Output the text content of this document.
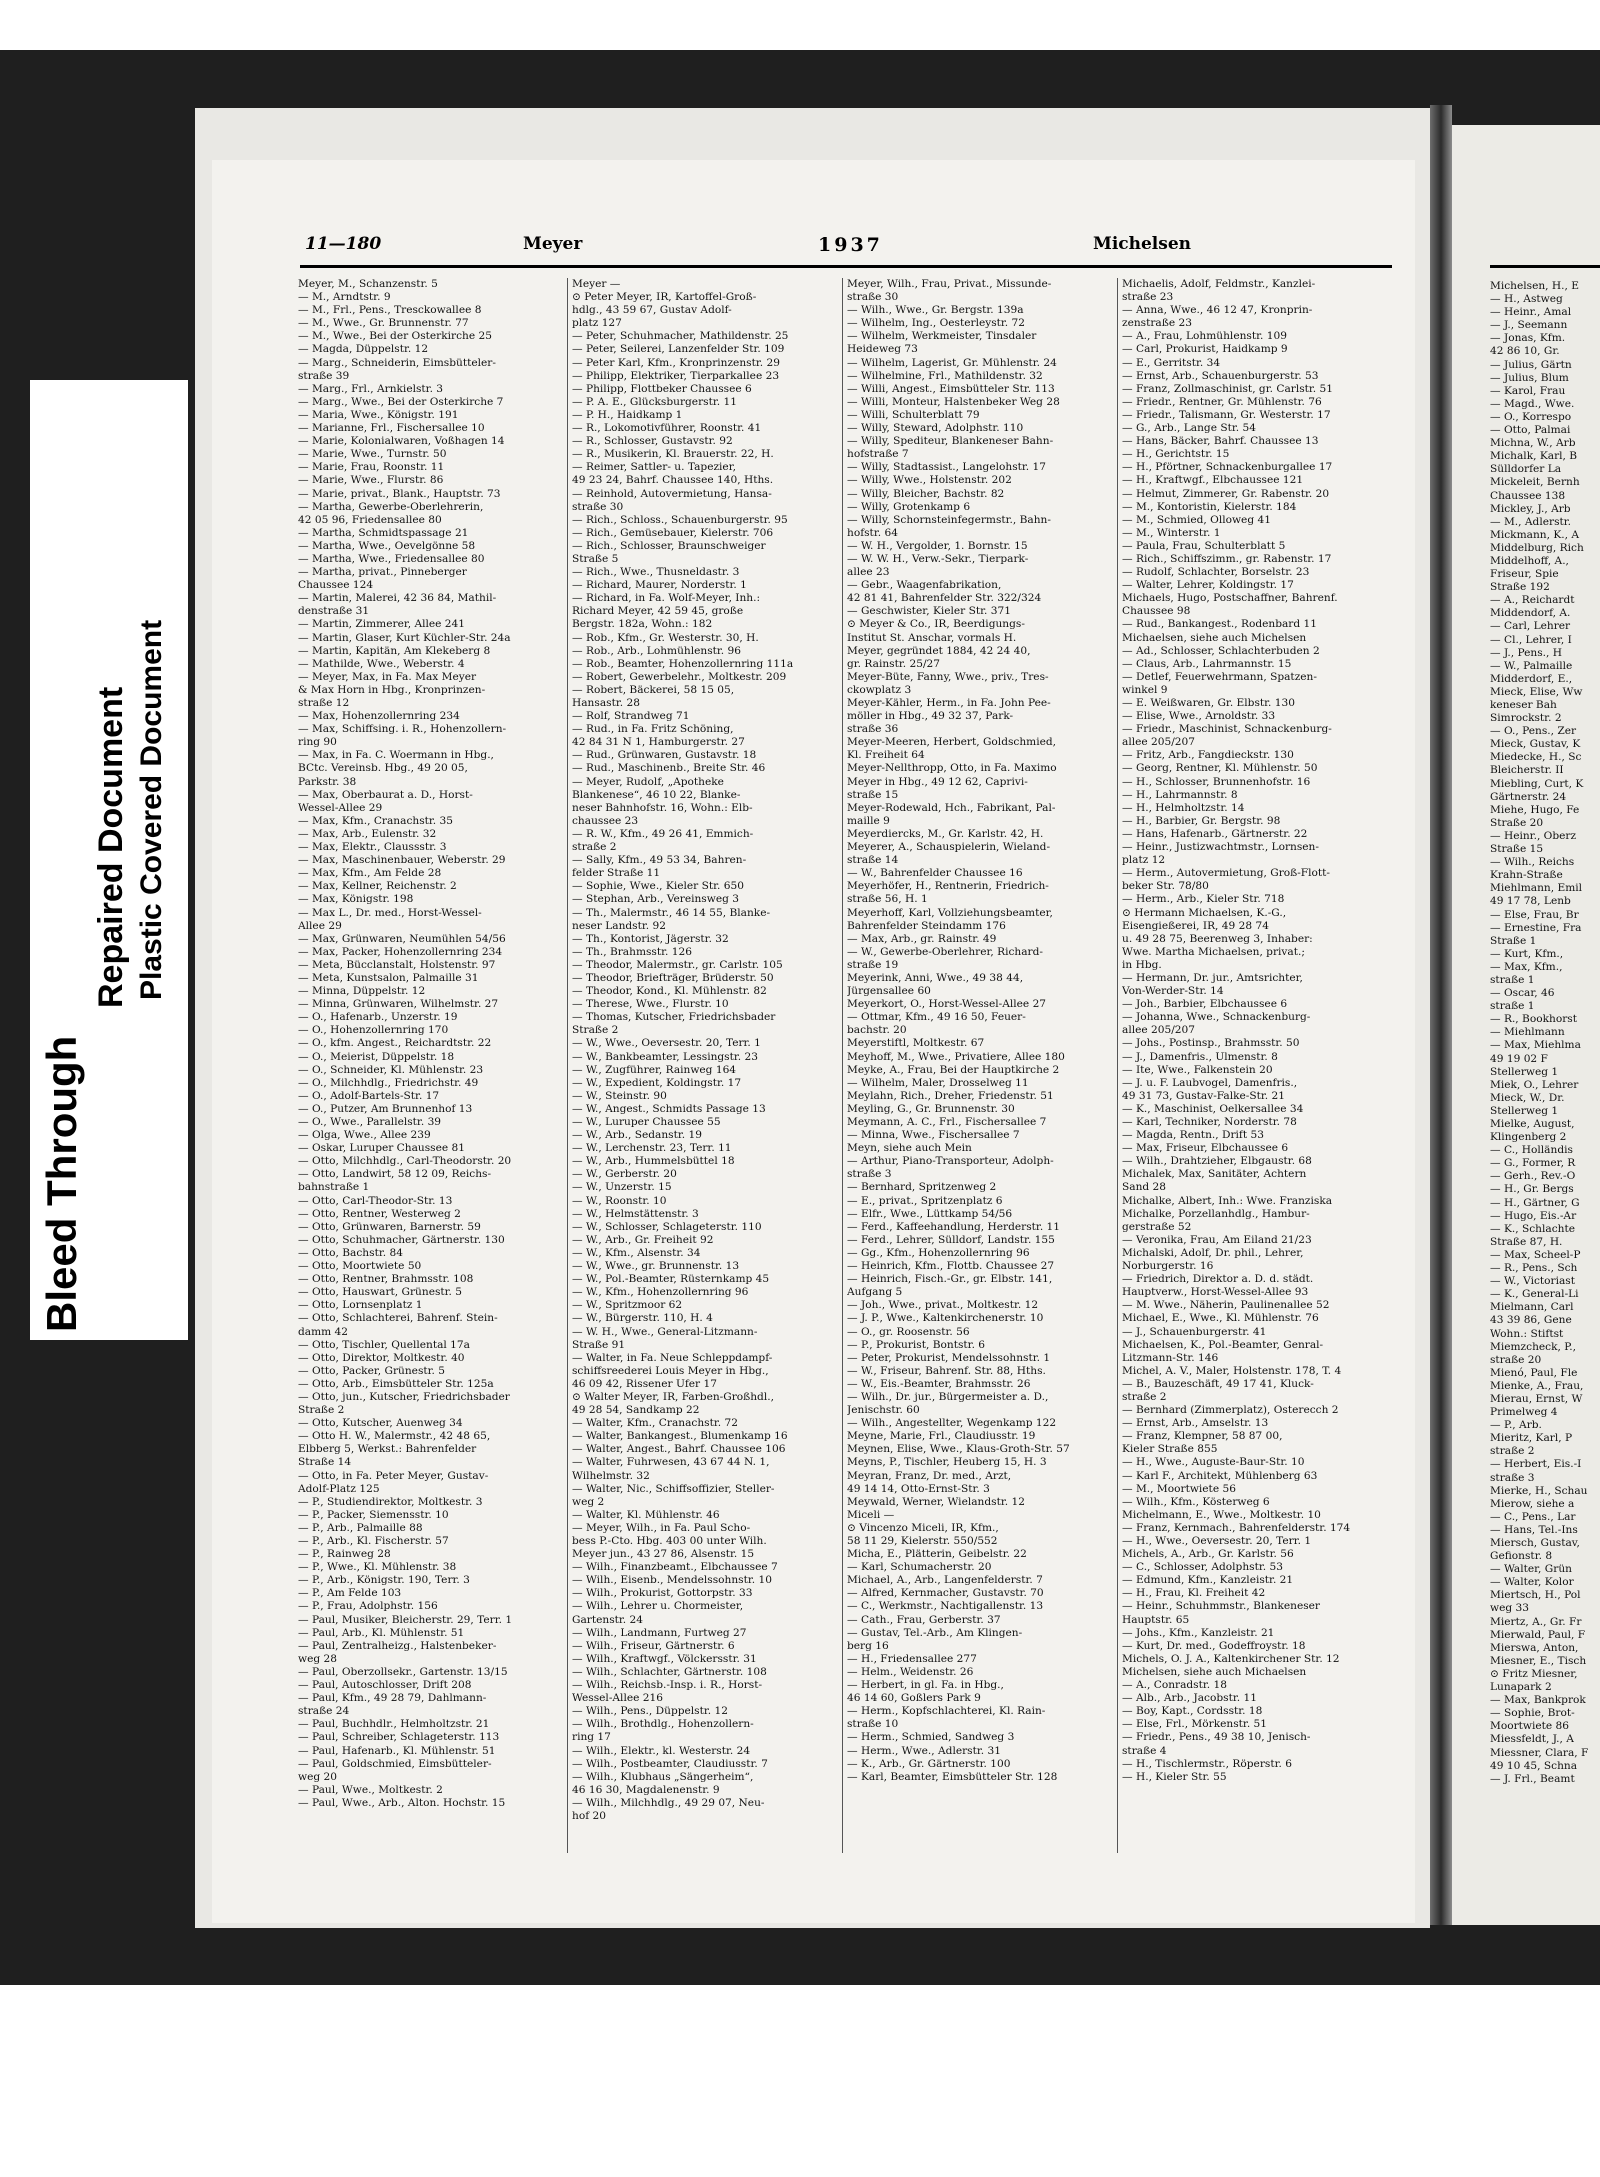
Bleed Through
Repaired Document Plastic Covered Document
11—180	Meyer	1937	Michelsen
Meyer, M., Schanzenstr. 5
— M., Arndtstr. 9
— M., Frl., Pens., Tresckowallee 8
— M., Wwe., Gr. Brunnenstr. 77
— M., Wwe., Bei der Osterkirche 25
— Magda, Düppelstr. 12
— Marg., Schneiderin, Eimsbütteler-
straße 39
— Marg., Frl., Arnkielstr. 3
— Marg., Wwe., Bei der Osterkirche 7
— Maria, Wwe., Königstr. 191
— Marianne, Frl., Fischersallee 10
— Marie, Kolonialwaren, Voßhagen 14
— Marie, Wwe., Turnstr. 50
— Marie, Frau, Roonstr. 11
— Marie, Wwe., Flurstr. 86
— Marie, privat., Blank., Hauptstr. 73
— Martha, Gewerbe-Oberlehrerin,
42 05 96, Friedensallee 80
— Martha, Schmidtspassage 21
— Martha, Wwe., Oevelgönne 58
— Martha, Wwe., Friedensallee 80
— Martha, privat., Pinneberger
Chaussee 124
— Martin, Malerei, 42 36 84, Mathil-
denstraße 31
— Martin, Zimmerer, Allee 241
— Martin, Glaser, Kurt Küchler-Str. 24a
— Martin, Kapitän, Am Klekeberg 8
— Mathilde, Wwe., Weberstr. 4
— Meyer, Max, in Fa. Max Meyer
& Max Horn in Hbg., Kronprinzen-
straße 12
— Max, Hohenzollernring 234
— Max, Schiffsing. i. R., Hohenzollern-
ring 90
— Max, in Fa. C. Woermann in Hbg.,
BCtc. Vereinsb. Hbg., 49 20 05,
Parkstr. 38
— Max, Oberbaurat a. D., Horst-
Wessel-Allee 29
— Max, Kfm., Cranachstr. 35
— Max, Arb., Eulenstr. 32
— Max, Elektr., Claussstr. 3
— Max, Maschinenbauer, Weberstr. 29
— Max, Kfm., Am Felde 28
— Max, Kellner, Reichenstr. 2
— Max, Königstr. 198
— Max L., Dr. med., Horst-Wessel-
Allee 29
— Max, Grünwaren, Neumühlen 54/56
— Max, Packer, Hohenzollernring 234
— Meta, Bücclanstalt, Holstenstr. 97
— Meta, Kunstsalon, Palmaille 31
— Minna, Düppelstr. 12
— Minna, Grünwaren, Wilhelmstr. 27
— O., Hafenarb., Unzerstr. 19
— O., Hohenzollernring 170
— O., kfm. Angest., Reichardtstr. 22
— O., Meierist, Düppelstr. 18
— O., Schneider, Kl. Mühlenstr. 23
— O., Milchhdlg., Friedrichstr. 49
— O., Adolf-Bartels-Str. 17
— O., Putzer, Am Brunnenhof 13
— O., Wwe., Parallelstr. 39
— Olga, Wwe., Allee 239
— Oskar, Luruper Chaussee 81
— Otto, Milchhdlg., Carl-Theodorstr. 20
— Otto, Landwirt, 58 12 09, Reichs-
bahnstraße 1
— Otto, Carl-Theodor-Str. 13
— Otto, Rentner, Westerweg 2
— Otto, Grünwaren, Barnerstr. 59
— Otto, Schuhmacher, Gärtnerstr. 130
— Otto, Bachstr. 84
— Otto, Moortwiete 50
— Otto, Rentner, Brahmsstr. 108
— Otto, Hauswart, Grünestr. 5
— Otto, Lornsenplatz 1
— Otto, Schlachterei, Bahrenf. Stein-
damm 42
— Otto, Tischler, Quellental 17a
— Otto, Direktor, Moltkestr. 40
— Otto, Packer, Grünestr. 5
— Otto, Arb., Eimsbütteler Str. 125a
— Otto, jun., Kutscher, Friedrichsbader
Straße 2
— Otto, Kutscher, Auenweg 34
— Otto H. W., Malermstr., 42 48 65,
Elbberg 5, Werkst.: Bahrenfelder
Straße 14
— Otto, in Fa. Peter Meyer, Gustav-
Adolf-Platz 125
— P., Studiendirektor, Moltkestr. 3
— P., Packer, Siemensstr. 10
— P., Arb., Palmaille 88
— P., Arb., Kl. Fischerstr. 57
— P., Rainweg 28
— P., Wwe., Kl. Mühlenstr. 38
— P., Arb., Königstr. 190, Terr. 3
— P., Am Felde 103
— P., Frau, Adolphstr. 156
— Paul, Musiker, Bleicherstr. 29, Terr. 1
— Paul, Arb., Kl. Mühlenstr. 51
— Paul, Zentralheizg., Halstenbeker-
weg 28
— Paul, Oberzollsekr., Gartenstr. 13/15
— Paul, Autoschlosser, Drift 208
— Paul, Kfm., 49 28 79, Dahlmann-
straße 24
— Paul, Buchhdlr., Helmholtzstr. 21
— Paul, Schreiber, Schlageterstr. 113
— Paul, Hafenarb., Kl. Mühlenstr. 51
— Paul, Goldschmied, Eimsbütteler-
weg 20
— Paul, Wwe., Moltkestr. 2
— Paul, Wwe., Arb., Alton. Hochstr. 15
Meyer —
⊙ Peter Meyer, IR, Kartoffel-Groß-
hdlg., 43 59 67, Gustav Adolf-
platz 127
— Peter, Schuhmacher, Mathildenstr. 25
— Peter, Seilerei, Lanzenfelder Str. 109
— Peter Karl, Kfm., Kronprinzenstr. 29
— Philipp, Elektriker, Tierparkallee 23
— Philipp, Flottbeker Chaussee 6
— P. A. E., Glücksburgerstr. 11
— P. H., Haidkamp 1
— R., Lokomotivführer, Roonstr. 41
— R., Schlosser, Gustavstr. 92
— R., Musikerin, Kl. Brauerstr. 22, H.
— Reimer, Sattler- u. Tapezier,
49 23 24, Bahrf. Chaussee 140, Hths.
— Reinhold, Autovermietung, Hansa-
straße 30
— Rich., Schloss., Schauenburgerstr. 95
— Rich., Gemüsebauer, Kielerstr. 706
— Rich., Schlosser, Braunschweiger
Straße 5
— Rich., Wwe., Thusneldastr. 3
— Richard, Maurer, Norderstr. 1
— Richard, in Fa. Wolf-Meyer, Inh.:
Richard Meyer, 42 59 45, große
Bergstr. 182a, Wohn.: 182
— Rob., Kfm., Gr. Westerstr. 30, H.
— Rob., Arb., Lohmühlenstr. 96
— Rob., Beamter, Hohenzollernring 111a
— Robert, Gewerbelehr., Moltkestr. 209
— Robert, Bäckerei, 58 15 05,
Hansastr. 28
— Rolf, Strandweg 71
— Rud., in Fa. Fritz Schöning,
42 84 31 N 1, Hamburgerstr. 27
— Rud., Grünwaren, Gustavstr. 18
— Rud., Maschinenb., Breite Str. 46
— Meyer, Rudolf, „Apotheke
Blankenese“, 46 10 22, Blanke-
neser Bahnhofstr. 16, Wohn.: Elb-
chaussee 23
— R. W., Kfm., 49 26 41, Emmich-
straße 2
— Sally, Kfm., 49 53 34, Bahren-
felder Straße 11
— Sophie, Wwe., Kieler Str. 650
— Stephan, Arb., Vereinsweg 3
— Th., Malermstr., 46 14 55, Blanke-
neser Landstr. 92
— Th., Kontorist, Jägerstr. 32
— Th., Brahmsstr. 126
— Theodor, Malermstr., gr. Carlstr. 105
— Theodor, Briefträger, Brüderstr. 50
— Theodor, Kond., Kl. Mühlenstr. 82
— Therese, Wwe., Flurstr. 10
— Thomas, Kutscher, Friedrichsbader
Straße 2
— W., Wwe., Oeversestr. 20, Terr. 1
— W., Bankbeamter, Lessingstr. 23
— W., Zugführer, Rainweg 164
— W., Expedient, Koldingstr. 17
— W., Steinstr. 90
— W., Angest., Schmidts Passage 13
— W., Luruper Chaussee 55
— W., Arb., Sedanstr. 19
— W., Lerchenstr. 23, Terr. 11
— W., Arb., Hummelsbüttel 18
— W., Gerberstr. 20
— W., Unzerstr. 15
— W., Roonstr. 10
— W., Helmstättenstr. 3
— W., Schlosser, Schlageterstr. 110
— W., Arb., Gr. Freiheit 92
— W., Kfm., Alsenstr. 34
— W., Wwe., gr. Brunnenstr. 13
— W., Pol.-Beamter, Rüsternkamp 45
— W., Kfm., Hohenzollernring 96
— W., Spritzmoor 62
— W., Bürgerstr. 110, H. 4
— W. H., Wwe., General-Litzmann-
Straße 91
— Walter, in Fa. Neue Schleppdampf-
schiffsreederei Louis Meyer in Hbg.,
46 09 42, Rissener Ufer 17
⊙ Walter Meyer, IR, Farben-Großhdl.,
49 28 54, Sandkamp 22
— Walter, Kfm., Cranachstr. 72
— Walter, Bankangest., Blumenkamp 16
— Walter, Angest., Bahrf. Chaussee 106
— Walter, Fuhrwesen, 43 67 44 N. 1,
Wilhelmstr. 32
— Walter, Nic., Schiffsoffizier, Steller-
weg 2
— Walter, Kl. Mühlenstr. 46
— Meyer, Wilh., in Fa. Paul Scho-
bess P.-Cto. Hbg. 403 00 unter Wilh.
Meyer jun., 43 27 86, Alsenstr. 15
— Wilh., Finanzbeamt., Elbchaussee 7
— Wilh., Eisenb., Mendelssohnstr. 10
— Wilh., Prokurist, Gottorpstr. 33
— Wilh., Lehrer u. Chormeister,
Gartenstr. 24
— Wilh., Landmann, Furtweg 27
— Wilh., Friseur, Gärtnerstr. 6
— Wilh., Kraftwgf., Völckersstr. 31
— Wilh., Schlachter, Gärtnerstr. 108
— Wilh., Reichsb.-Insp. i. R., Horst-
Wessel-Allee 216
— Wilh., Pens., Düppelstr. 12
— Wilh., Brothdlg., Hohenzollern-
ring 17
— Wilh., Elektr., kl. Westerstr. 24
— Wilh., Postbeamter, Claudiusstr. 7
— Wilh., Klubhaus „Sängerheim“,
46 16 30, Magdalenenstr. 9
— Wilh., Milchhdlg., 49 29 07, Neu-
hof 20
Meyer, Wilh., Frau, Privat., Missunde-
straße 30
— Wilh., Wwe., Gr. Bergstr. 139a
— Wilhelm, Ing., Oesterleystr. 72
— Wilhelm, Werkmeister, Tinsdaler
Heideweg 73
— Wilhelm, Lagerist, Gr. Mühlenstr. 24
— Wilhelmine, Frl., Mathildenstr. 32
— Willi, Angest., Eimsbütteler Str. 113
— Willi, Monteur, Halstenbeker Weg 28
— Willi, Schulterblatt 79
— Willy, Steward, Adolphstr. 110
— Willy, Spediteur, Blankeneser Bahn-
hofstraße 7
— Willy, Stadtassist., Langelohstr. 17
— Willy, Wwe., Holstenstr. 202
— Willy, Bleicher, Bachstr. 82
— Willy, Grotenkamp 6
— Willy, Schornsteinfegermstr., Bahn-
hofstr. 64
— W. H., Vergolder, 1. Bornstr. 15
— W. W. H., Verw.-Sekr., Tierpark-
allee 23
— Gebr., Waagenfabrikation,
42 81 41, Bahrenfelder Str. 322/324
— Geschwister, Kieler Str. 371
⊙ Meyer & Co., IR, Beerdigungs-
Institut St. Anschar, vormals H.
Meyer, gegründet 1884, 42 24 40,
gr. Rainstr. 25/27
Meyer-Büte, Fanny, Wwe., priv., Tres-
ckowplatz 3
Meyer-Kähler, Herm., in Fa. John Pee-
möller in Hbg., 49 32 37, Park-
straße 36
Meyer-Meeren, Herbert, Goldschmied,
Kl. Freiheit 64
Meyer-Nellthropp, Otto, in Fa. Maximo
Meyer in Hbg., 49 12 62, Caprivi-
straße 15
Meyer-Rodewald, Hch., Fabrikant, Pal-
maille 9
Meyerdiercks, M., Gr. Karlstr. 42, H.
Meyerer, A., Schauspielerin, Wieland-
straße 14
— W., Bahrenfelder Chaussee 16
Meyerhöfer, H., Rentnerin, Friedrich-
straße 56, H. 1
Meyerhoff, Karl, Vollziehungsbeamter,
Bahrenfelder Steindamm 176
— Max, Arb., gr. Rainstr. 49
— W., Gewerbe-Oberlehrer, Richard-
straße 19
Meyerink, Anni, Wwe., 49 38 44,
Jürgensallee 60
Meyerkort, O., Horst-Wessel-Allee 27
— Ottmar, Kfm., 49 16 50, Feuer-
bachstr. 20
Meyerstiftl, Moltkestr. 67
Meyhoff, M., Wwe., Privatiere, Allee 180
Meyke, A., Frau, Bei der Hauptkirche 2
— Wilhelm, Maler, Drosselweg 11
Meylahn, Rich., Dreher, Friedenstr. 51
Meyling, G., Gr. Brunnenstr. 30
Meymann, A. C., Frl., Fischersallee 7
— Minna, Wwe., Fischersallee 7
Meyn, siehe auch Mein
— Arthur, Piano-Transporteur, Adolph-
straße 3
— Bernhard, Spritzenweg 2
— E., privat., Spritzenplatz 6
— Elfr., Wwe., Lüttkamp 54/56
— Ferd., Kaffeehandlung, Herderstr. 11
— Ferd., Lehrer, Sülldorf, Landstr. 155
— Gg., Kfm., Hohenzollernring 96
— Heinrich, Kfm., Flottb. Chaussee 27
— Heinrich, Fisch.-Gr., gr. Elbstr. 141,
Aufgang 5
— Joh., Wwe., privat., Moltkestr. 12
— J. P., Wwe., Kaltenkirchenerstr. 10
— O., gr. Roosenstr. 56
— P., Prokurist, Bontstr. 6
— Peter, Prokurist, Mendelssohnstr. 1
— W., Friseur, Bahrenf. Str. 88, Hths.
— W., Eis.-Beamter, Brahmsstr. 26
— Wilh., Dr. jur., Bürgermeister a. D.,
Jenischstr. 60
— Wilh., Angestellter, Wegenkamp 122
Meyne, Marie, Frl., Claudiusstr. 19
Meynen, Elise, Wwe., Klaus-Groth-Str. 57
Meyns, P., Tischler, Heuberg 15, H. 3
Meyran, Franz, Dr. med., Arzt,
49 14 14, Otto-Ernst-Str. 3
Meywald, Werner, Wielandstr. 12
Miceli —
⊙ Vincenzo Miceli, IR, Kfm.,
58 11 29, Kielerstr. 550/552
Micha, E., Plätterin, Geibelstr. 22
— Karl, Schumacherstr. 20
Michael, A., Arb., Langenfelderstr. 7
— Alfred, Kernmacher, Gustavstr. 70
— C., Werkmstr., Nachtigallenstr. 13
— Cath., Frau, Gerberstr. 37
— Gustav, Tel.-Arb., Am Klingen-
berg 16
— H., Friedensallee 277
— Helm., Weidenstr. 26
— Herbert, in gl. Fa. in Hbg.,
46 14 60, Goßlers Park 9
— Herm., Kopfschlachterei, Kl. Rain-
straße 10
— Herm., Schmied, Sandweg 3
— Herm., Wwe., Adlerstr. 31
— K., Arb., Gr. Gärtnerstr. 100
— Karl, Beamter, Eimsbütteler Str. 128
Michaelis, Adolf, Feldmstr., Kanzlei-
straße 23
— Anna, Wwe., 46 12 47, Kronprin-
zenstraße 23
— A., Frau, Lohmühlenstr. 109
— Carl, Prokurist, Haidkamp 9
— E., Gerritstr. 34
— Ernst, Arb., Schauenburgerstr. 53
— Franz, Zollmaschinist, gr. Carlstr. 51
— Friedr., Rentner, Gr. Mühlenstr. 76
— Friedr., Talismann, Gr. Westerstr. 17
— G., Arb., Lange Str. 54
— Hans, Bäcker, Bahrf. Chaussee 13
— H., Gerichtstr. 15
— H., Pförtner, Schnackenburgallee 17
— H., Kraftwgf., Elbchaussee 121
— Helmut, Zimmerer, Gr. Rabenstr. 20
— M., Kontoristin, Kielerstr. 184
— M., Schmied, Olloweg 41
— M., Winterstr. 1
— Paula, Frau, Schulterblatt 5
— Rich., Schiffszimm., gr. Rabenstr. 17
— Rudolf, Schlachter, Borselstr. 23
— Walter, Lehrer, Koldingstr. 17
Michaels, Hugo, Postschaffner, Bahrenf.
Chaussee 98
— Rud., Bankangest., Rodenbard 11
Michaelsen, siehe auch Michelsen
— Ad., Schlosser, Schlachterbuden 2
— Claus, Arb., Lahrmannstr. 15
— Detlef, Feuerwehrmann, Spatzen-
winkel 9
— E. Weißwaren, Gr. Elbstr. 130
— Elise, Wwe., Arnoldstr. 33
— Friedr., Maschinist, Schnackenburg-
allee 205/207
— Fritz, Arb., Fangdieckstr. 130
— Georg, Rentner, Kl. Mühlenstr. 50
— H., Schlosser, Brunnenhofstr. 16
— H., Lahrmannstr. 8
— H., Helmholtzstr. 14
— H., Barbier, Gr. Bergstr. 98
— Hans, Hafenarb., Gärtnerstr. 22
— Heinr., Justizwachtmstr., Lornsen-
platz 12
— Herm., Autovermietung, Groß-Flott-
beker Str. 78/80
— Herm., Arb., Kieler Str. 718
⊙ Hermann Michaelsen, K.-G.,
Eisengießerei, IR, 49 28 74
u. 49 28 75, Beerenweg 3, Inhaber:
Wwe. Martha Michaelsen, privat.;
in Hbg.
— Hermann, Dr. jur., Amtsrichter,
Von-Werder-Str. 14
— Joh., Barbier, Elbchaussee 6
— Johanna, Wwe., Schnackenburg-
allee 205/207
— Johs., Postinsp., Brahmsstr. 50
— J., Damenfris., Ulmenstr. 8
— Ite, Wwe., Falkenstein 20
— J. u. F. Laubvogel, Damenfris.,
49 31 73, Gustav-Falke-Str. 21
— K., Maschinist, Oelkersallee 34
— Karl, Techniker, Norderstr. 78
— Magda, Rentn., Drift 53
— Max, Friseur, Elbchaussee 6
— Wilh., Drahtzieher, Elbgaustr. 68
Michalek, Max, Sanitäter, Achtern
Sand 28
Michalke, Albert, Inh.: Wwe. Franziska
Michalke, Porzellanhdlg., Hambur-
gerstraße 52
— Veronika, Frau, Am Eiland 21/23
Michalski, Adolf, Dr. phil., Lehrer,
Norburgerstr. 16
— Friedrich, Direktor a. D. d. städt.
Hauptverw., Horst-Wessel-Allee 93
— M. Wwe., Näherin, Paulinenallee 52
Michael, E., Wwe., Kl. Mühlenstr. 76
— J., Schauenburgerstr. 41
Michaelsen, K., Pol.-Beamter, Genral-
Litzmann-Str. 146
Michel, A. V., Maler, Holstenstr. 178, T. 4
— B., Bauzeschäft, 49 17 41, Kluck-
straße 2
— Bernhard (Zimmerplatz), Osterecch 2
— Ernst, Arb., Amselstr. 13
— Franz, Klempner, 58 87 00,
Kieler Straße 855
— H., Wwe., Auguste-Baur-Str. 10
— Karl F., Architekt, Mühlenberg 63
— M., Moortwiete 56
— Wilh., Kfm., Kösterweg 6
Michelmann, E., Wwe., Moltkestr. 10
— Franz, Kernmach., Bahrenfelderstr. 174
— H., Wwe., Oeversestr. 20, Terr. 1
Michels, A., Arb., Gr. Karlstr. 56
— C., Schlosser, Adolphstr. 53
— Edmund, Kfm., Kanzleistr. 21
— H., Frau, Kl. Freiheit 42
— Heinr., Schuhmmstr., Blankeneser
Hauptstr. 65
— Johs., Kfm., Kanzleistr. 21
— Kurt, Dr. med., Godeffroystr. 18
Michels, O. J. A., Kaltenkirchener Str. 12
Michelsen, siehe auch Michaelsen
— A., Conradstr. 18
— Alb., Arb., Jacobstr. 11
— Boy, Kapt., Cordsstr. 18
— Else, Frl., Mörkenstr. 51
— Friedr., Pens., 49 38 10, Jenisch-
straße 4
— H., Tischlermstr., Röperstr. 6
— H., Kieler Str. 55
Michelsen, H., E
— H., Astweg
— Heinr., Amal
— J., Seemann
— Jonas, Kfm.
42 86 10, Gr.
— Julius, Gärtn
— Julius, Blum
— Karol, Frau
— Magd., Wwe.
— O., Korrespo
— Otto, Palmai
Michna, W., Arb
Michalk, Karl, B
Sülldorfer La
Mickeleit, Bernh
Chaussee 138
Mickley, J., Arb
— M., Adlerstr.
Mickmann, K., A
Middelburg, Rich
Middelhoff, A.,
Friseur, Spie
Straße 192
— A., Reichardt
Middendorf, A.
— Carl, Lehrer
— Cl., Lehrer, I
— J., Pens., H
— W., Palmaille
Midderdorf, E.,
Mieck, Elise, Ww
keneser Bah
Simrockstr. 2
— O., Pens., Zer
Mieck, Gustav, K
Miedecke, H., Sc
Bleicherstr. II
Miebling, Curt, K
Gärtnerstr. 24
Miehe, Hugo, Fe
Straße 20
— Heinr., Oberz
Straße 15
— Wilh., Reichs
Krahn-Straße
Miehlmann, Emil
49 17 78, Lenb
— Else, Frau, Br
— Ernestine, Fra
Straße 1
— Kurt, Kfm.,
— Max, Kfm.,
straße 1
— Oscar, 46
straße 1
— R., Bookhorst
— Miehlmann
— Max, Miehlma
49 19 02 F
Stellerweg 1
Miek, O., Lehrer
Mieck, W., Dr.
Stellerweg 1
Mielke, August,
Klingenberg 2
— C., Holländis
— G., Former, R
— Gerh., Rev.-O
— H., Gr. Bergs
— H., Gärtner, G
— Hugo, Eis.-Ar
— K., Schlachte
Straße 87, H.
— Max, Scheel-P
— R., Pens., Sch
— W., Victoriast
— K., General-Li
Mielmann, Carl
43 39 86, Gene
Wohn.: Stiftst
Miemzcheck, P.,
straße 20
Mienó, Paul, Fle
Mienke, A., Frau,
Mierau, Ernst, W
Primelweg 4
— P., Arb.
Mieritz, Karl, P
straße 2
— Herbert, Eis.-I
straße 3
Mierke, H., Schau
Mierow, siehe a
— C., Pens., Lar
— Hans, Tel.-Ins
Miersch, Gustav,
Gefionstr. 8
— Walter, Grün
— Walter, Kolor
Miertsch, H., Pol
weg 33
Miertz, A., Gr. Fr
Mierwald, Paul, F
Mierswa, Anton,
Miesner, E., Tisch
⊙ Fritz Miesner,
Lunapark 2
— Max, Bankprok
— Sophie, Brot-
Moortwiete 86
Miessfeldt, J., A
Miessner, Clara, F
49 10 45, Schna
— J. Frl., Beamt
